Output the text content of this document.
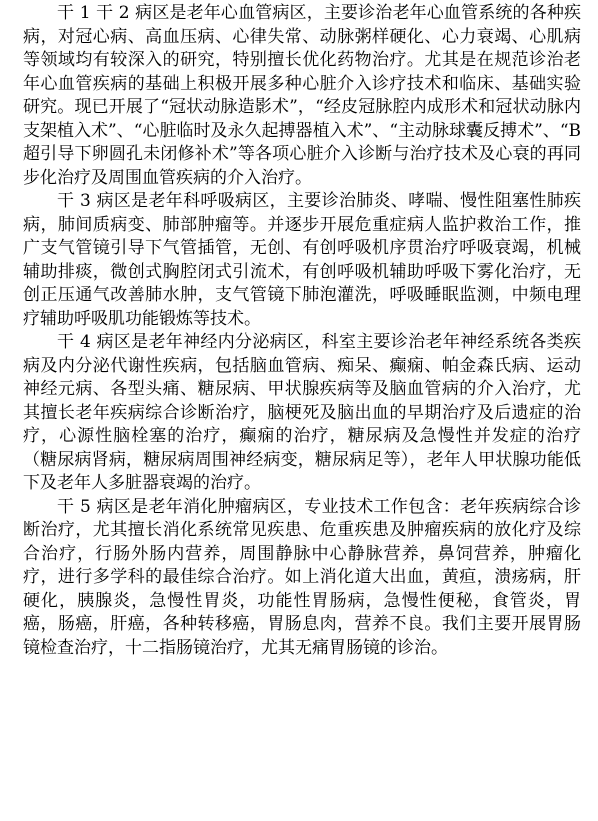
干 1 干 2 病区是老年心血管病区，主要诊治老年心血管系统的各种疾病，对冠心病、高血压病、心律失常、动脉粥样硬化、心力衰竭、心肌病等领域均有较深入的研究，特别擅长优化药物治疗。尤其是在规范诊治老年心血管疾病的基础上积极开展多种心脏介入诊疗技术和临床、基础实验研究。现已开展了“冠状动脉造影术”，“经皮冠脉腔内成形术和冠状动脉内支架植入术”、“心脏临时及永久起搏器植入术”、“主动脉球囊反搏术”、“B 超引导下卵圆孔未闭修补术”等各项心脏介入诊断与治疗技术及心衰的再同步化治疗及周围血管疾病的介入治疗。

干 3 病区是老年科呼吸病区，主要诊治肺炎、哮喘、慢性阻塞性肺疾病，肺间质病变、肺部肿瘤等。并逐步开展危重症病人监护救治工作，推广支气管镜引导下气管插管，无创、有创呼吸机序贯治疗呼吸衰竭，机械辅助排痰，微创式胸腔闭式引流术，有创呼吸机辅助呼吸下雾化治疗，无创正压通气改善肺水肿，支气管镜下肺泡灌洗，呼吸睡眠监测，中频电理疗辅助呼吸肌功能锻炼等技术。

干 4 病区是老年神经内分泌病区，科室主要诊治老年神经系统各类疾病及内分泌代谢性疾病，包括脑血管病、痴呆、癫痫、帕金森氏病、运动神经元病、各型头痛、糖尿病、甲状腺疾病等及脑血管病的介入治疗，尤其擅长老年疾病综合诊断治疗，脑梗死及脑出血的早期治疗及后遗症的治疗，心源性脑栓塞的治疗，癫痫的治疗，糖尿病及急慢性并发症的治疗（糖尿病肾病，糖尿病周围神经病变，糖尿病足等），老年人甲状腺功能低下及老年人多脏器衰竭的治疗。

干 5 病区是老年消化肿瘤病区，专业技术工作包含：老年疾病综合诊断治疗，尤其擅长消化系统常见疾患、危重疾患及肿瘤疾病的放化疗及综合治疗，行肠外肠内营养，周围静脉中心静脉营养，鼻饲营养，肿瘤化疗，进行多学科的最佳综合治疗。如上消化道大出血，黄疸，溃疡病，肝硬化，胰腺炎，急慢性胃炎，功能性胃肠病，急慢性便秘，食管炎，胃癌，肠癌，肝癌，各种转移癌，胃肠息肉，营养不良。我们主要开展胃肠镜检查治疗，十二指肠镜治疗，尤其无痛胃肠镜的诊治。
